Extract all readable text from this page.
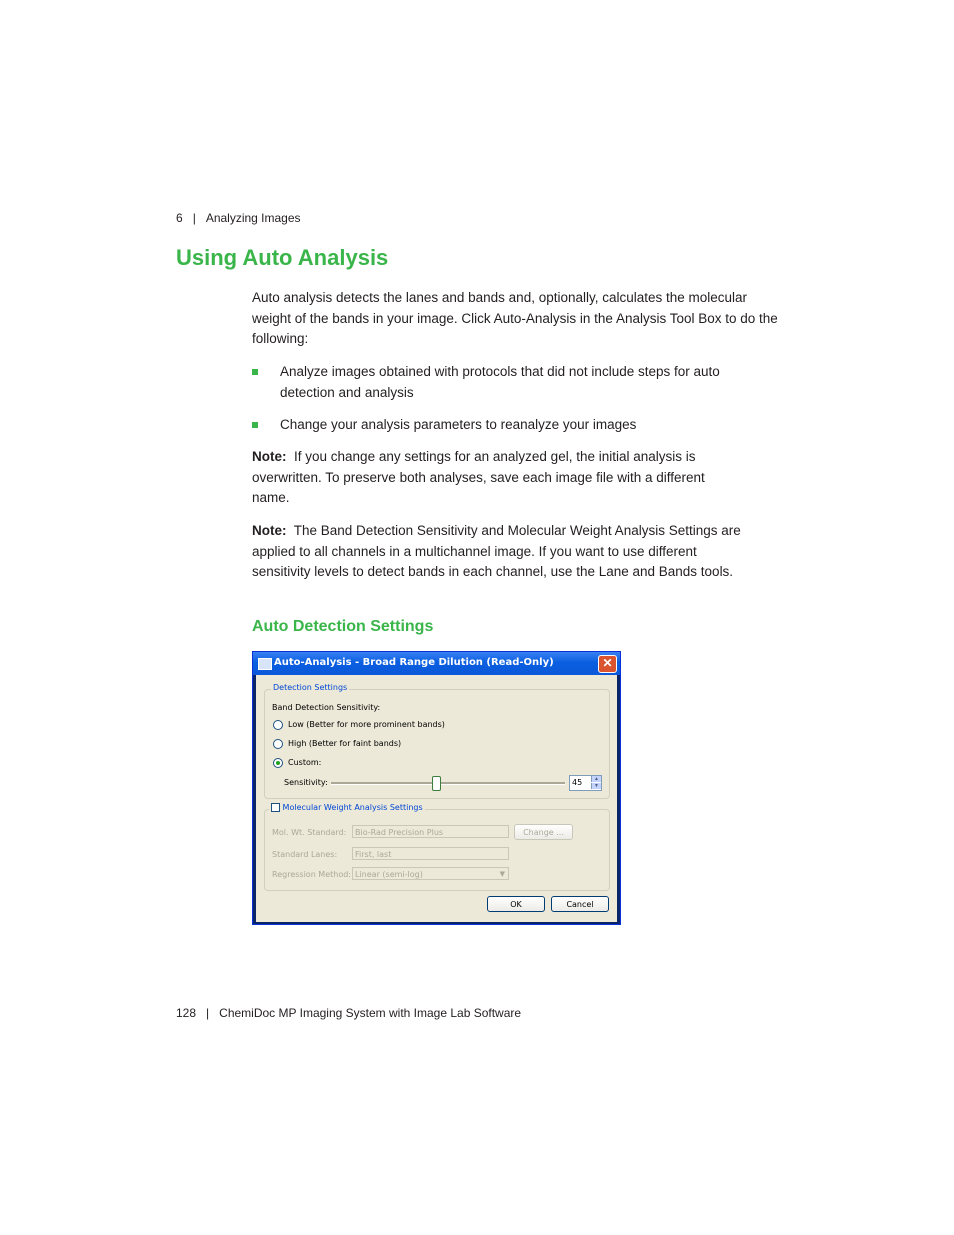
6 | Analyzing Images
Using Auto Analysis
Auto analysis detects the lanes and bands and, optionally, calculates the molecular weight of the bands in your image. Click Auto-Analysis in the Analysis Tool Box to do the following:
Analyze images obtained with protocols that did not include steps for auto detection and analysis
Change your analysis parameters to reanalyze your images
Note: If you change any settings for an analyzed gel, the initial analysis is overwritten. To preserve both analyses, save each image file with a different name.
Note: The Band Detection Sensitivity and Molecular Weight Analysis Settings are applied to all channels in a multichannel image. If you want to use different sensitivity levels to detect bands in each channel, use the Lane and Bands tools.
Auto Detection Settings
Auto-Analysis - Broad Range Dilution (Read-Only)	✕
Detection Settings
Band Detection Sensitivity:
Low (Better for more prominent bands)
High (Better for faint bands)
Custom:
Sensitivity:	45	▲
▼
Molecular Weight Analysis Settings
Mol. Wt. Standard:	Bio-Rad Precision Plus	Change ...
Standard Lanes:	First, last
Regression Method: Linear (semi-log)	▼
OK	Cancel
128 | ChemiDoc MP Imaging System with Image Lab Software
